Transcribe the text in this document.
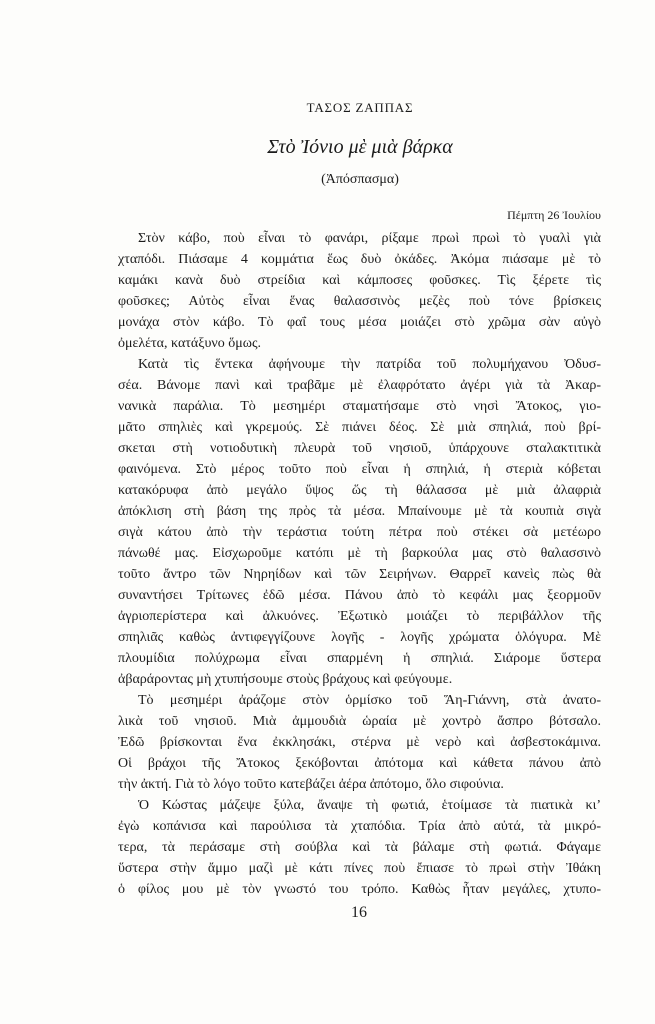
ΤΑΣΟΣ ΖΑΠΠΑΣ
Στὸ Ἰόνιο μὲ μιὰ βάρκα
(Ἀπόσπασμα)
Πέμπτη 26 Ἰουλίου
Στὸν κάβο, ποὺ εἶναι τὸ φανάρι, ρίξαμε πρωὶ πρωὶ τὸ γυαλὶ γιὰ
χταπόδι. Πιάσαμε 4 κομμάτια ἕως δυὸ ὀκάδες. Ἀκόμα πιάσαμε μὲ τὸ
καμάκι κανὰ δυὸ στρείδια καὶ κάμποσες φοῦσκες. Τὶς ξέρετε τὶς
φοῦσκες; Αὐτὸς εἶναι ἕνας θαλασσινὸς μεζὲς ποὺ τόνε βρίσκεις
μονάχα στὸν κάβο. Τὸ φαΐ τους μέσα μοιάζει στὸ χρῶμα σὰν αὐγὸ
ὀμελέτα, κατάξυνο ὅμως.
Κατὰ τὶς ἕντεκα ἀφήνουμε τὴν πατρίδα τοῦ πολυμήχανου Ὀδυσ-
σέα. Βάνομε πανὶ καὶ τραβᾶμε μὲ ἐλαφρότατο ἀγέρι γιὰ τὰ Ἀκαρ-
νανικὰ παράλια. Τὸ μεσημέρι σταματήσαμε στὸ νησὶ Ἄτοκος, γιο-
μᾶτο σπηλιὲς καὶ γκρεμούς. Σὲ πιάνει δέος. Σὲ μιὰ σπηλιά, ποὺ βρί-
σκεται στὴ νοτιοδυτικὴ πλευρὰ τοῦ νησιοῦ, ὑπάρχουνε σταλακτιτικὰ
φαινόμενα. Στὸ μέρος τοῦτο ποὺ εἶναι ἡ σπηλιά, ἡ στεριὰ κόβεται
κατακόρυφα ἀπὸ μεγάλο ὕψος ὥς τὴ θάλασσα μὲ μιὰ ἀλαφριὰ
ἀπόκλιση στὴ βάση της πρὸς τὰ μέσα. Μπαίνουμε μὲ τὰ κουπιὰ σιγὰ
σιγὰ κάτου ἀπὸ τὴν τεράστια τούτη πέτρα ποὺ στέκει σὰ μετέωρο
πάνωθέ μας. Εἰσχωροῦμε κατόπι μὲ τὴ βαρκούλα μας στὸ θαλασσινὸ
τοῦτο ἄντρο τῶν Νηρηίδων καὶ τῶν Σειρήνων. Θαρρεῖ κανεὶς πὼς θὰ
συναντήσει Τρίτωνες ἐδῶ μέσα. Πάνου ἀπὸ τὸ κεφάλι μας ξεορμοῦν
ἀγριοπερίστερα καὶ ἀλκυόνες. Ἐξωτικὸ μοιάζει τὸ περιβάλλον τῆς
σπηλιᾶς καθὼς ἀντιφεγγίζουνε λογῆς - λογῆς χρώματα ὁλόγυρα. Μὲ
πλουμίδια πολύχρωμα εἶναι σπαρμένη ἡ σπηλιά. Σιάρομε ὕστερα
ἀβαράροντας μὴ χτυπήσουμε στοὺς βράχους καὶ φεύγουμε.
Τὸ μεσημέρι ἀράζομε στὸν ὁρμίσκο τοῦ Ἅη-Γιάννη, στὰ ἀνατο-
λικὰ τοῦ νησιοῦ. Μιὰ ἀμμουδιὰ ὡραία μὲ χοντρὸ ἄσπρο βότσαλο.
Ἐδῶ βρίσκονται ἕνα ἐκκλησάκι, στέρνα μὲ νερὸ καὶ ἀσβεστοκάμινα.
Οἱ βράχοι τῆς Ἄτοκος ξεκόβονται ἀπότομα καὶ κάθετα πάνου ἀπὸ
τὴν ἀκτή. Γιὰ τὸ λόγο τοῦτο κατεβάζει ἀέρα ἀπότομο, ὅλο σιφούνια.
Ὁ Κώστας μάζεψε ξύλα, ἄναψε τὴ φωτιά, ἑτοίμασε τὰ πιατικὰ κι’
ἐγὼ κοπάνισα καὶ παρούλισα τὰ χταπόδια. Τρία ἀπὸ αὐτά, τὰ μικρό-
τερα, τὰ περάσαμε στὴ σούβλα καὶ τὰ βάλαμε στὴ φωτιά. Φάγαμε
ὕστερα στὴν ἄμμο μαζὶ μὲ κάτι πίνες ποὺ ἔπιασε τὸ πρωὶ στὴν Ἰθάκη
ὁ φίλος μου μὲ τὸν γνωστό του τρόπο. Καθὼς ἦταν μεγάλες, χτυπο-
16
